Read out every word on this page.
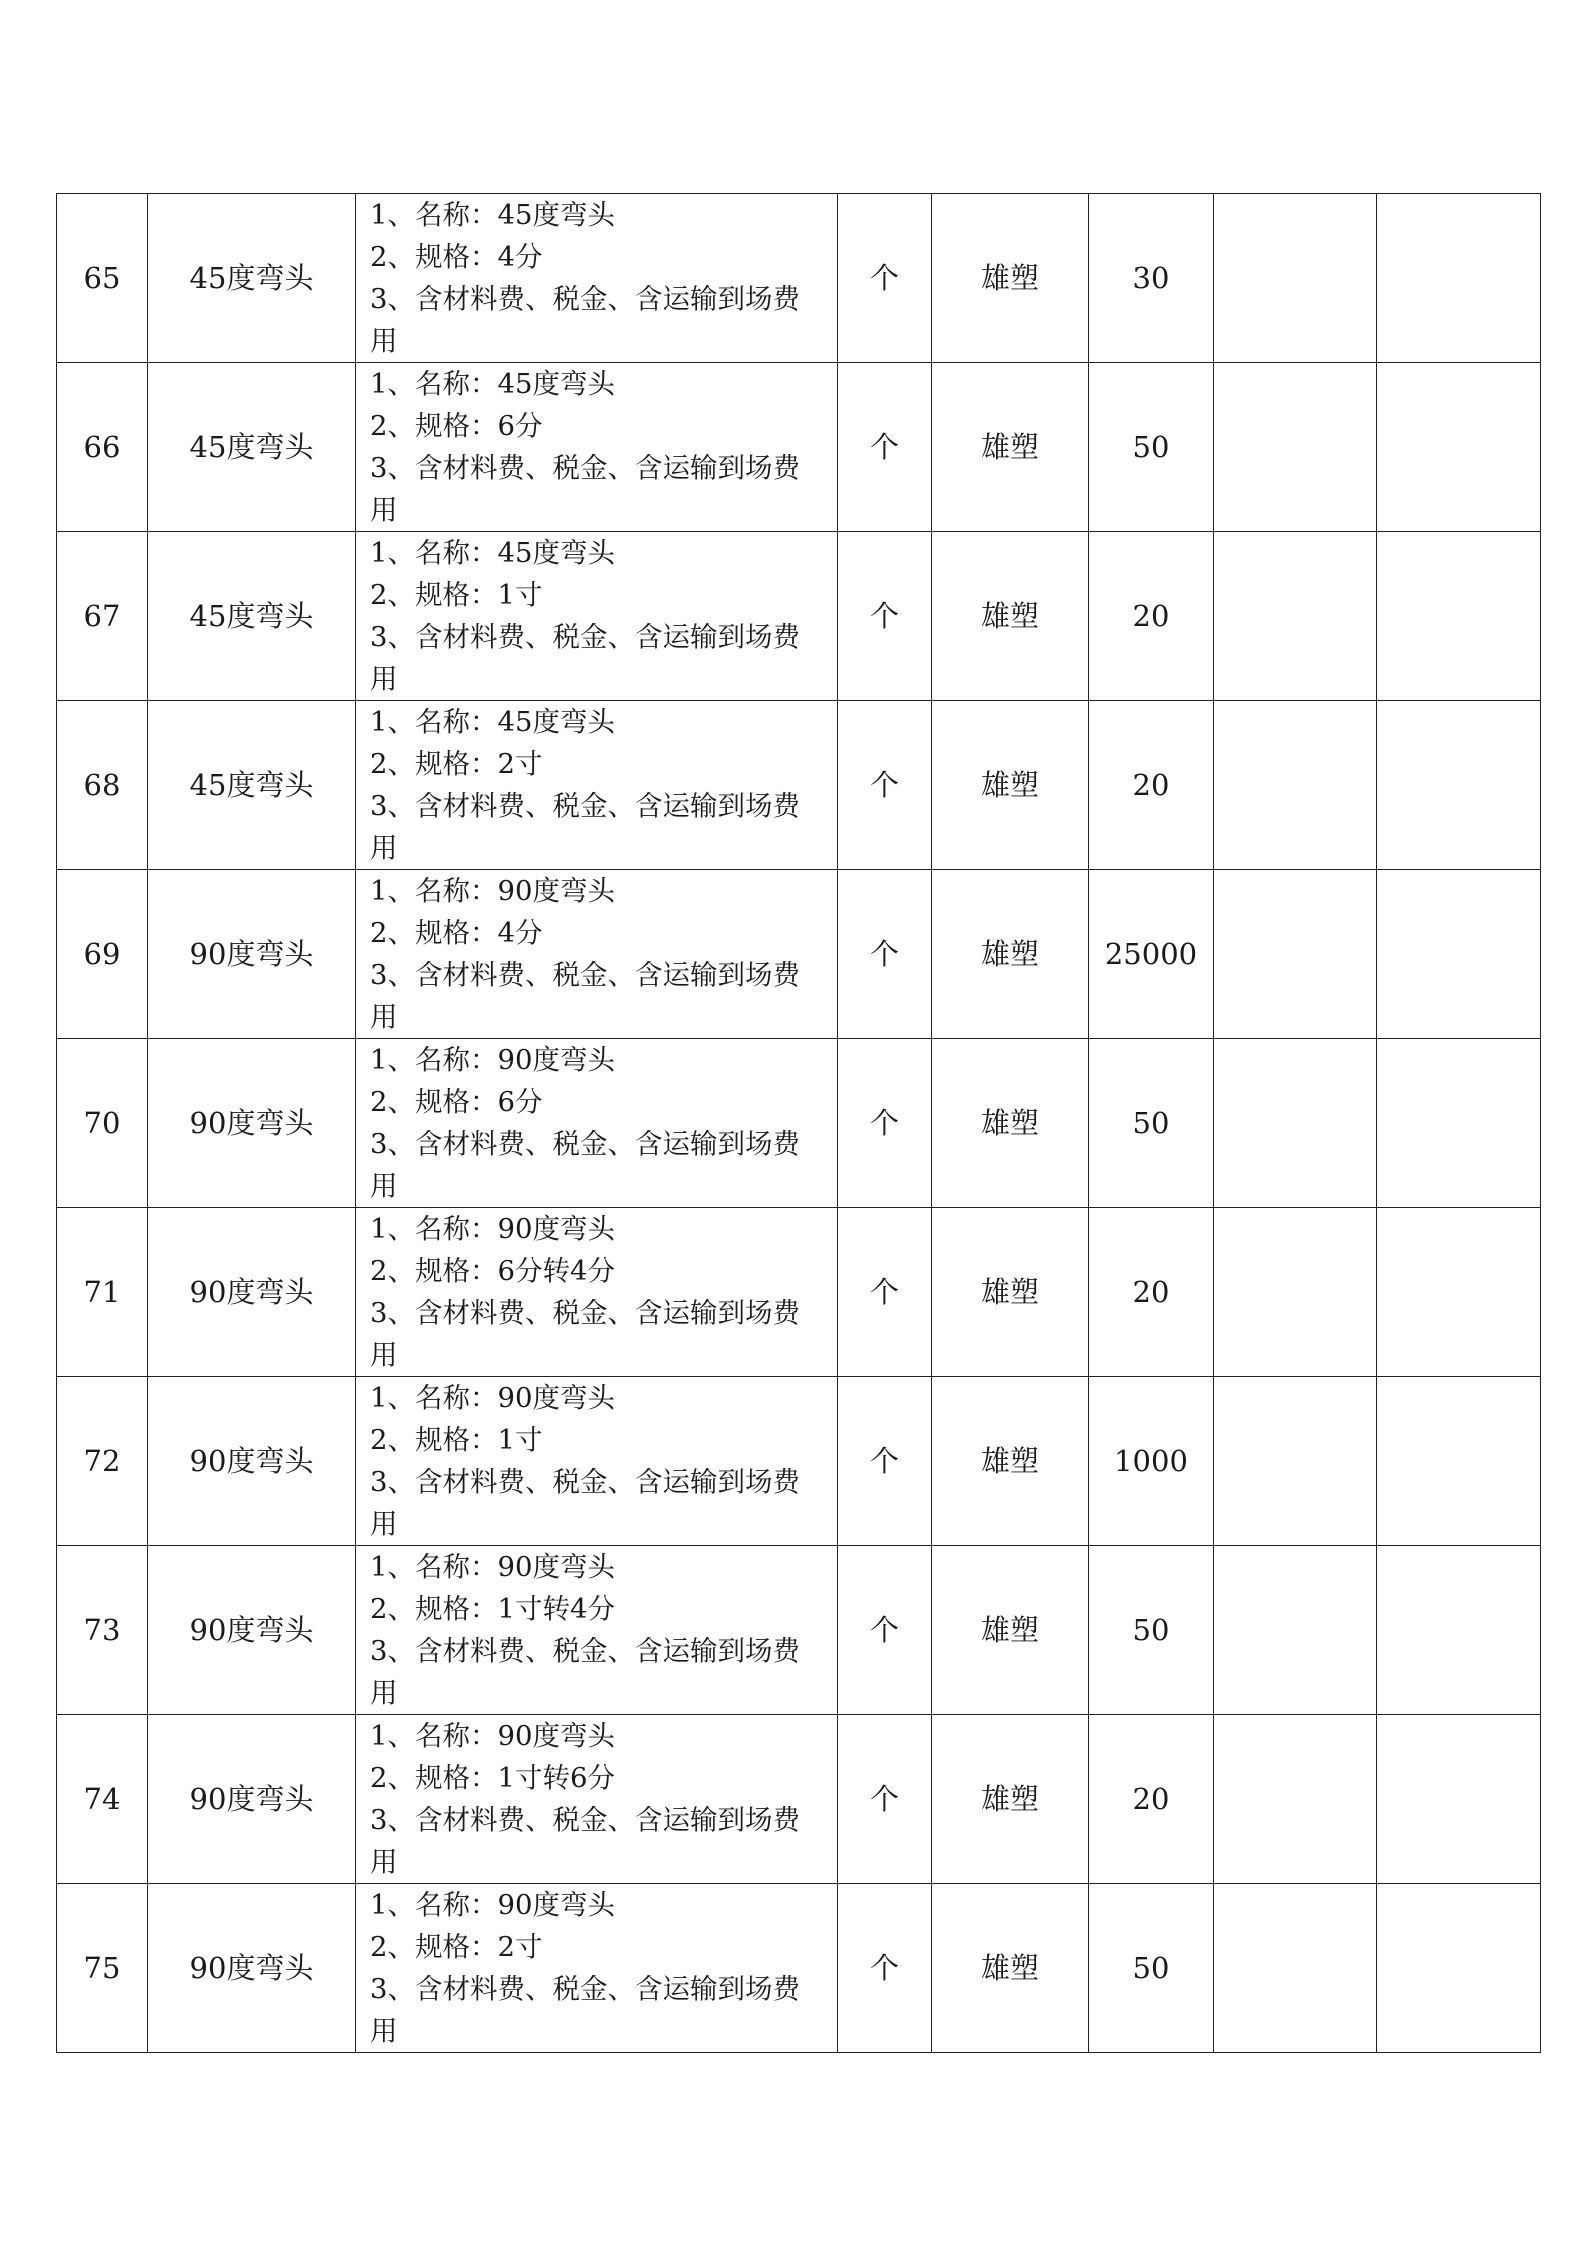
65	45度弯头	1、名称：45度弯头
2、规格：4分
3、含材料费、税金、含运输到场费
用	个	雄塑	30		
66	45度弯头	1、名称：45度弯头
2、规格：6分
3、含材料费、税金、含运输到场费
用	个	雄塑	50		
67	45度弯头	1、名称：45度弯头
2、规格：1寸
3、含材料费、税金、含运输到场费
用	个	雄塑	20		
68	45度弯头	1、名称：45度弯头
2、规格：2寸
3、含材料费、税金、含运输到场费
用	个	雄塑	20		
69	90度弯头	1、名称：90度弯头
2、规格：4分
3、含材料费、税金、含运输到场费
用	个	雄塑	25000		
70	90度弯头	1、名称：90度弯头
2、规格：6分
3、含材料费、税金、含运输到场费
用	个	雄塑	50		
71	90度弯头	1、名称：90度弯头
2、规格：6分转4分
3、含材料费、税金、含运输到场费
用	个	雄塑	20		
72	90度弯头	1、名称：90度弯头
2、规格：1寸
3、含材料费、税金、含运输到场费
用	个	雄塑	1000		
73	90度弯头	1、名称：90度弯头
2、规格：1寸转4分
3、含材料费、税金、含运输到场费
用	个	雄塑	50		
74	90度弯头	1、名称：90度弯头
2、规格：1寸转6分
3、含材料费、税金、含运输到场费
用	个	雄塑	20		
75	90度弯头	1、名称：90度弯头
2、规格：2寸
3、含材料费、税金、含运输到场费
用	个	雄塑	50		
